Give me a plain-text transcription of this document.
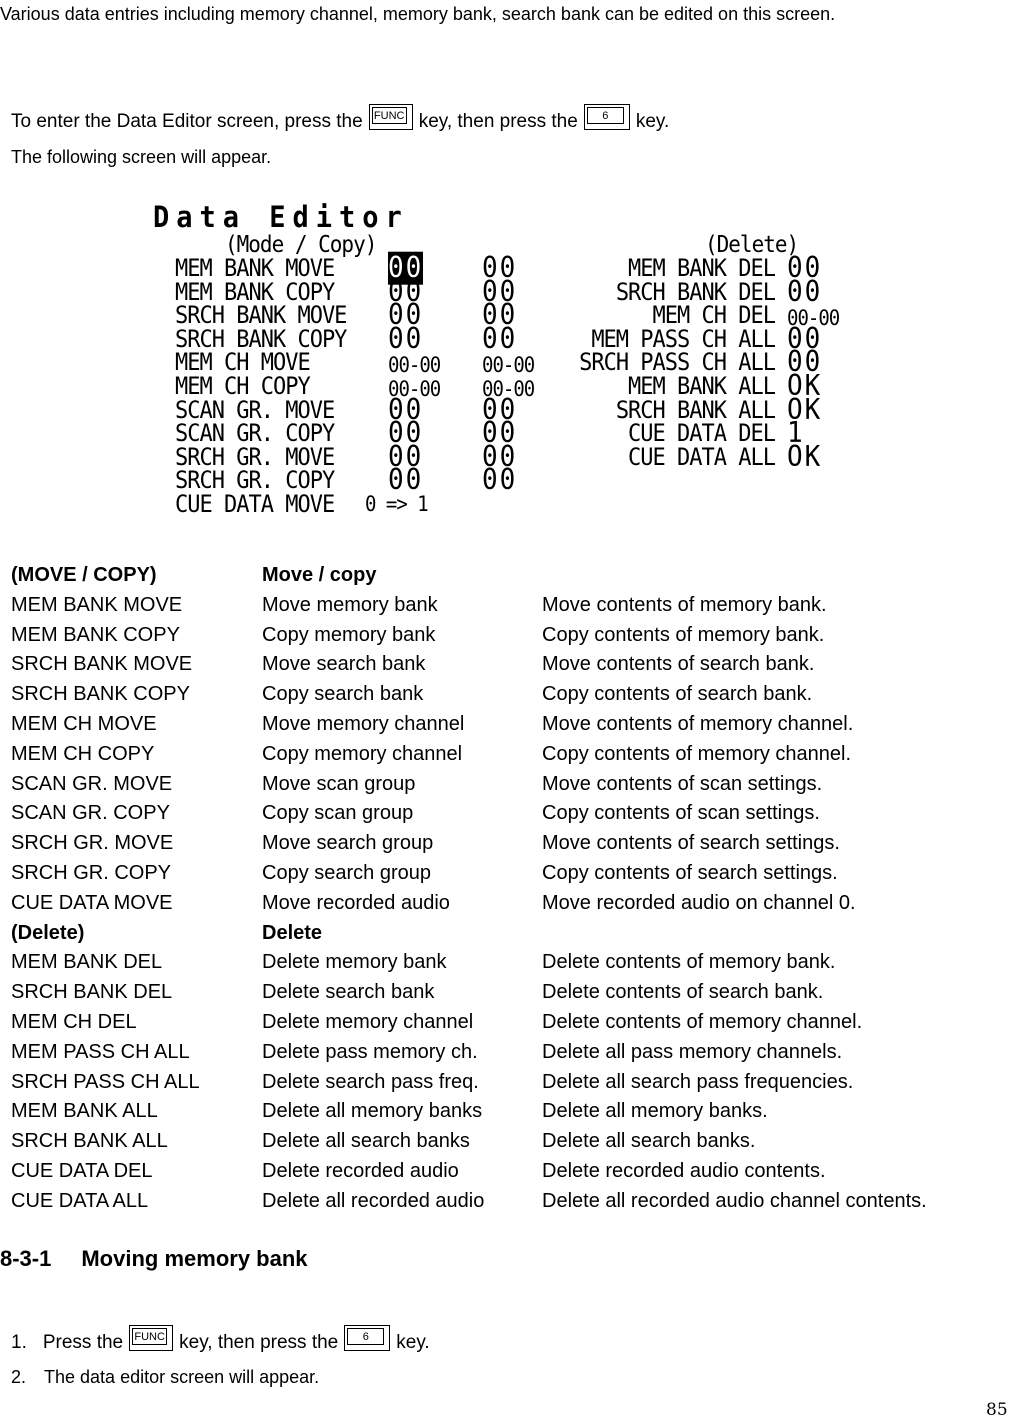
Various data entries including memory channel, memory bank, search bank can be edited on this screen.
To enter the Data Editor screen, press the	FUNC key, then press the	6	key.
The following screen will appear.
Data Editor
(Mode / Copy)	(Delete)
MEM BANK MOVE 00 00
MEM BANK COPY 00 00
SRCH BANK MOVE 00 00
SRCH BANK COPY 00 00
MEM CH MOVE	00-00 00-00
MEM CH COPY	00-00 00-00
SCAN GR. MOVE 00 00
SCAN GR. COPY 00 00
SRCH GR. MOVE 00 00
SRCH GR. COPY 00 00
CUE DATA MOVE 0 => 1
MEM BANK DEL 00
SRCH BANK DEL 00
MEM CH DEL 00-00
MEM PASS CH ALL 00
SRCH PASS CH ALL 00
MEM BANK ALL OK
SRCH BANK ALL OK
CUE DATA DEL 1
CUE DATA ALL OK
(MOVE / COPY)	Move / copy
MEM BANK MOVE	Move memory bank	Move contents of memory bank.
MEM BANK COPY	Copy memory bank	Copy contents of memory bank.
SRCH BANK MOVE	Move search bank	Move contents of search bank.
SRCH BANK COPY	Copy search bank	Copy contents of search bank.
MEM CH MOVE	Move memory channel	Move contents of memory channel.
MEM CH COPY	Copy memory channel	Copy contents of memory channel.
SCAN GR. MOVE	Move scan group	Move contents of scan settings.
SCAN GR. COPY	Copy scan group	Copy contents of scan settings.
SRCH GR. MOVE	Move search group	Move contents of search settings.
SRCH GR. COPY	Copy search group	Copy contents of search settings.
CUE DATA MOVE	Move recorded audio	Move recorded audio on channel 0.
(Delete)	Delete
MEM BANK DEL	Delete memory bank	Delete contents of memory bank.
SRCH BANK DEL	Delete search bank	Delete contents of search bank.
MEM CH DEL	Delete memory channel	Delete contents of memory channel.
MEM PASS CH ALL	Delete pass memory ch.	Delete all pass memory channels.
SRCH PASS CH ALL	Delete search pass freq.	Delete all search pass frequencies.
MEM BANK ALL	Delete all memory banks	Delete all memory banks.
SRCH BANK ALL	Delete all search banks	Delete all search banks.
CUE DATA DEL	Delete recorded audio	Delete recorded audio contents.
CUE DATA ALL	Delete all recorded audio	Delete all recorded audio channel contents.
8-3-1 Moving memory bank
1. Press the	FUNC key, then press the	6	key.
2. The data editor screen will appear.
85
